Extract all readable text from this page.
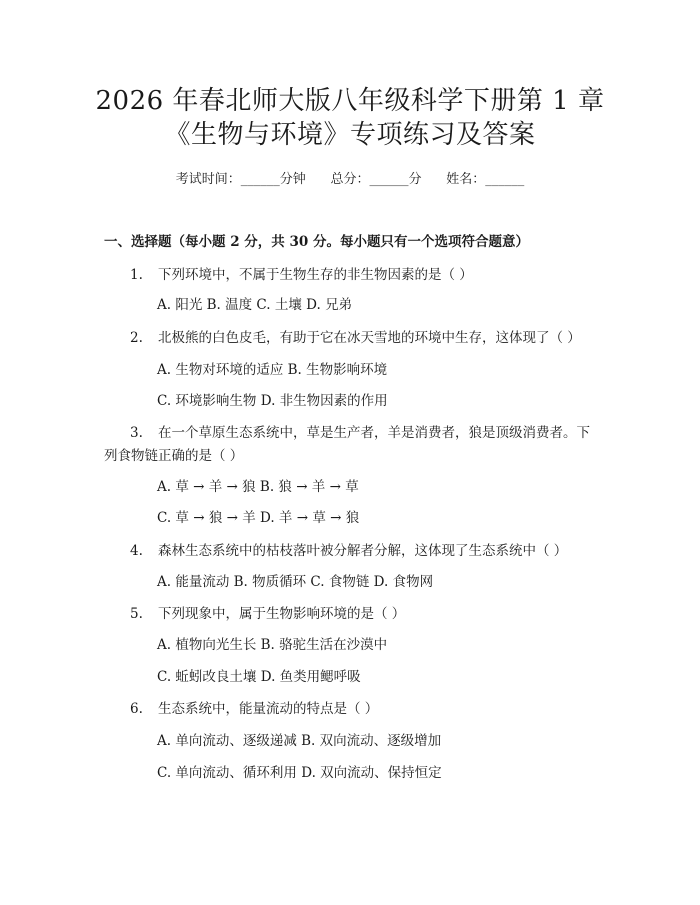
2026 年春北师大版八年级科学下册第 1 章
《生物与环境》专项练习及答案
考试时间：______分钟      总分：______分      姓名：______
一、选择题（每小题 2 分，共 30 分。每小题只有一个选项符合题意）
1. 下列环境中，不属于生物生存的非生物因素的是（ ）
A. 阳光 B. 温度 C. 土壤 D. 兄弟
2. 北极熊的白色皮毛，有助于它在冰天雪地的环境中生存，这体现了（ ）
A. 生物对环境的适应 B. 生物影响环境
C. 环境影响生物 D. 非生物因素的作用
3. 在一个草原生态系统中，草是生产者，羊是消费者，狼是顶级消费者。下
列食物链正确的是（ ）
A. 草 → 羊 → 狼 B. 狼 → 羊 → 草
C. 草 → 狼 → 羊 D. 羊 → 草 → 狼
4. 森林生态系统中的枯枝落叶被分解者分解，这体现了生态系统中（ ）
A. 能量流动 B. 物质循环 C. 食物链 D. 食物网
5. 下列现象中，属于生物影响环境的是（ ）
A. 植物向光生长 B. 骆驼生活在沙漠中
C. 蚯蚓改良土壤 D. 鱼类用鳃呼吸
6. 生态系统中，能量流动的特点是（ ）
A. 单向流动、逐级递减 B. 双向流动、逐级增加
C. 单向流动、循环利用 D. 双向流动、保持恒定
